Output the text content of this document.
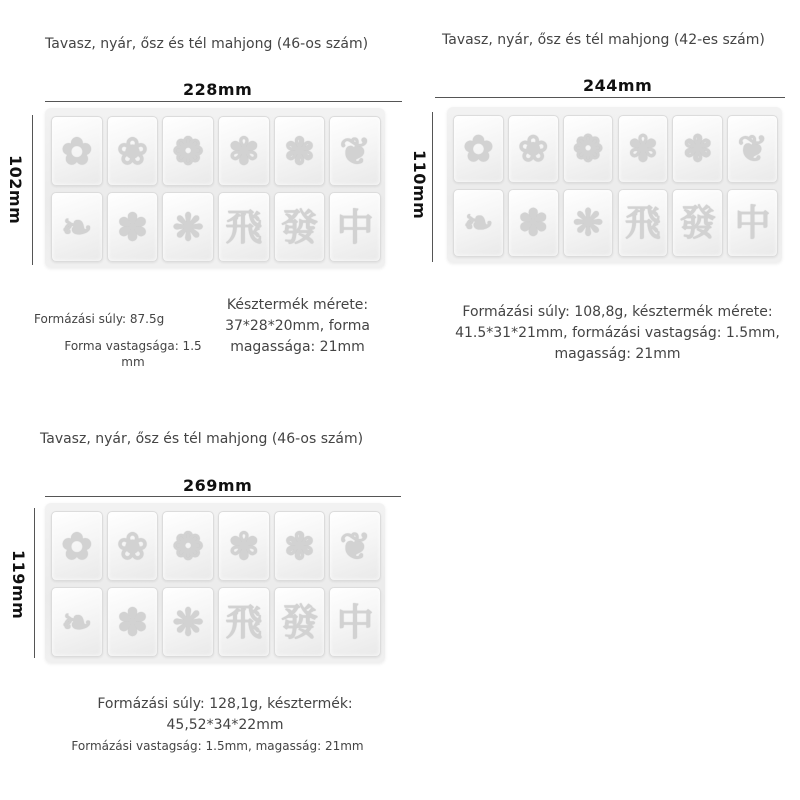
Tavasz, nyár, ősz és tél mahjong (46-os szám)
228mm
102mm
✿ ❀ ❁ ✾ ❃ ❦
❧ ✽ ❋ 飛 發 中
Formázási súly: 87.5g
Forma vastagsága: 1.5 mm
Késztermék mérete: 37*28*20mm, forma magassága: 21mm
Tavasz, nyár, ősz és tél mahjong (42-es szám)
244mm
110mm
✿ ❀ ❁ ✾ ❃ ❦
❧ ✽ ❋ 飛 發 中
Formázási súly: 108,8g, késztermék mérete: 41.5*31*21mm, formázási vastagság: 1.5mm, magasság: 21mm
Tavasz, nyár, ősz és tél mahjong (46-os szám)
269mm
119mm
✿ ❀ ❁ ✾ ❃ ❦
❧ ✽ ❋ 飛 發 中
Formázási súly: 128,1g, késztermék: 45,52*34*22mm
Formázási vastagság: 1.5mm, magasság: 21mm
